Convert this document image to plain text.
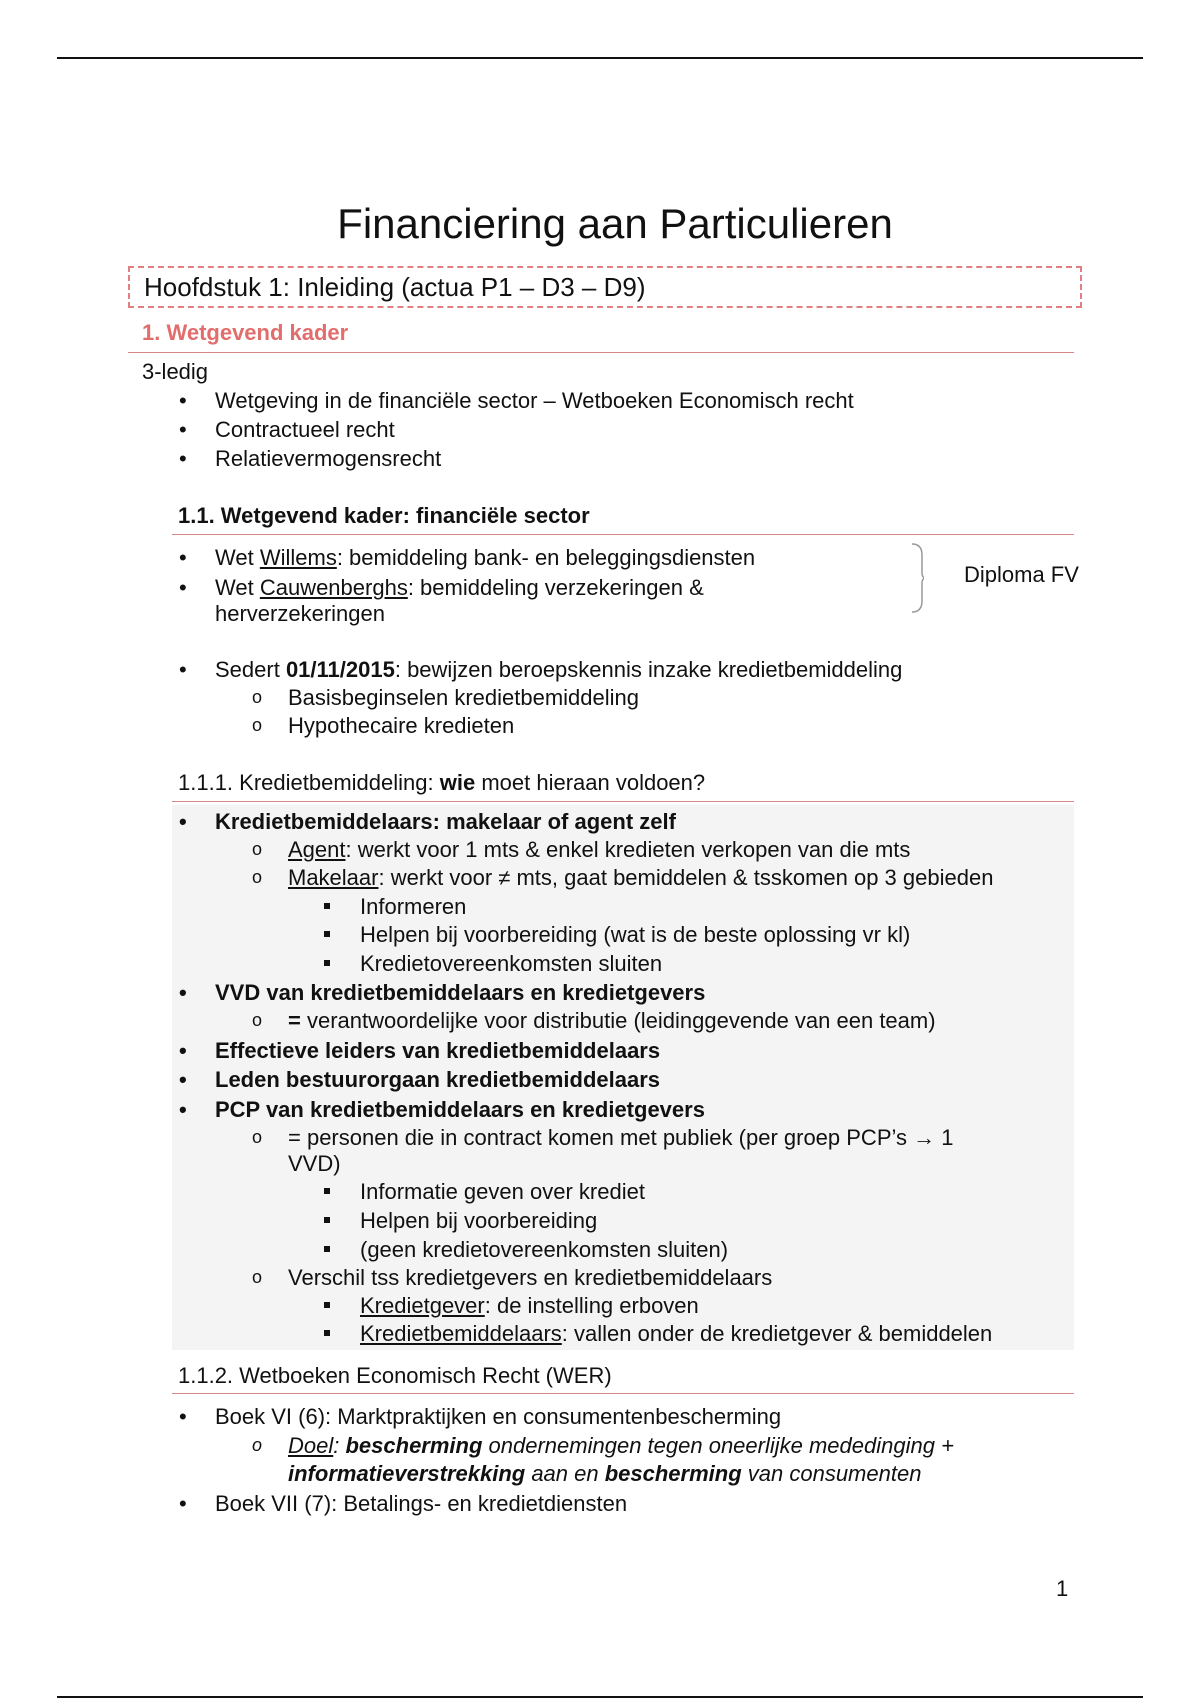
Financiering aan Particulieren
Hoofdstuk 1: Inleiding (actua P1 – D3 – D9)
1. Wetgevend kader
3-ledig
• Wetgeving in de financiële sector – Wetboeken Economisch recht
• Contractueel recht
• Relatievermogensrecht
1.1. Wetgevend kader: financiële sector
• Wet Willems: bemiddeling bank- en beleggingsdiensten
• Wet Cauwenberghs: bemiddeling verzekeringen &
herverzekeringen
Diploma FV
• Sedert 01/11/2015: bewijzen beroepskennis inzake kredietbemiddeling
o Basisbeginselen kredietbemiddeling
o Hypothecaire kredieten
1.1.1. Kredietbemiddeling: wie moet hieraan voldoen?
• Kredietbemiddelaars: makelaar of agent zelf
o Agent: werkt voor 1 mts & enkel kredieten verkopen van die mts
o Makelaar: werkt voor ≠ mts, gaat bemiddelen & tsskomen op 3 gebieden
Informeren
Helpen bij voorbereiding (wat is de beste oplossing vr kl)
Kredietovereenkomsten sluiten
• VVD van kredietbemiddelaars en kredietgevers
o = verantwoordelijke voor distributie (leidinggevende van een team)
• Effectieve leiders van kredietbemiddelaars
• Leden bestuurorgaan kredietbemiddelaars
• PCP van kredietbemiddelaars en kredietgevers
o = personen die in contract komen met publiek (per groep PCP’s → 1
VVD)
Informatie geven over krediet
Helpen bij voorbereiding
(geen kredietovereenkomsten sluiten)
o Verschil tss kredietgevers en kredietbemiddelaars
Kredietgever: de instelling erboven
Kredietbemiddelaars: vallen onder de kredietgever & bemiddelen
1.1.2. Wetboeken Economisch Recht (WER)
• Boek VI (6): Marktpraktijken en consumentenbescherming
o Doel: bescherming ondernemingen tegen oneerlijke mededinging +
informatieverstrekking aan en bescherming van consumenten
• Boek VII (7): Betalings- en kredietdiensten
1
